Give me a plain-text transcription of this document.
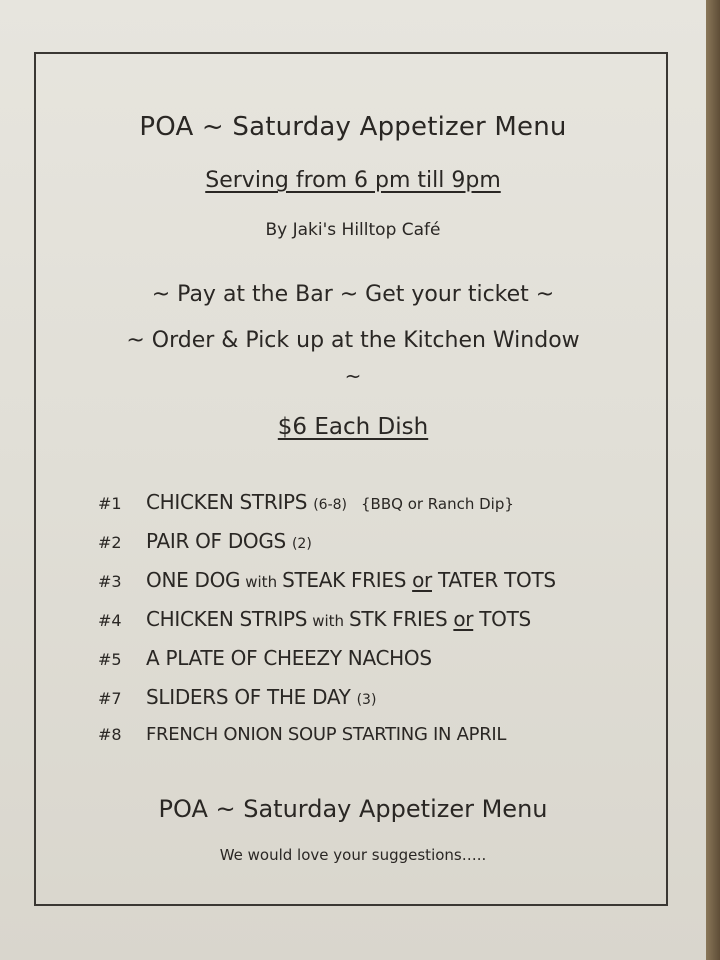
POA ~ Saturday Appetizer Menu
Serving from 6 pm till 9pm
By Jaki's Hilltop Café
~ Pay at the Bar ~ Get your ticket ~
~ Order & Pick up at the Kitchen Window
~
$6 Each Dish
#1	CHICKEN STRIPS (6-8) {BBQ or Ranch Dip}
#2	PAIR OF DOGS (2)
#3	ONE DOG with STEAK FRIES or TATER TOTS
#4	CHICKEN STRIPS with STK FRIES or TOTS
#5	A PLATE OF CHEEZY NACHOS
#7	SLIDERS OF THE DAY (3)
#8	FRENCH ONION SOUP STARTING IN APRIL
POA ~ Saturday Appetizer Menu
We would love your suggestions…..
